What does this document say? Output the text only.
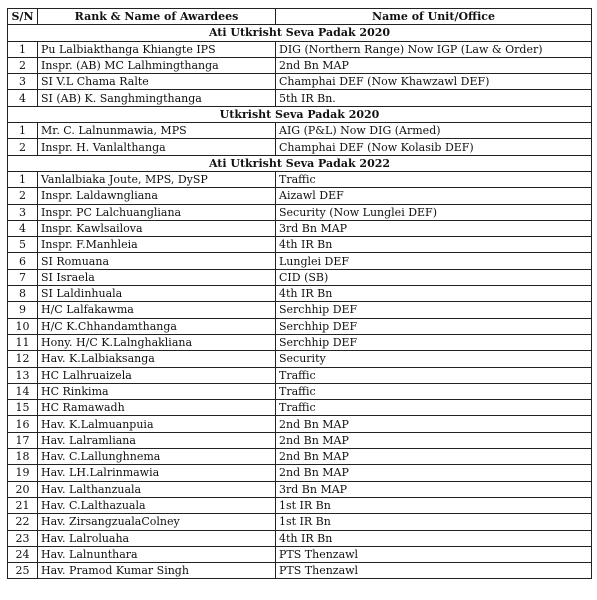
S/N	Rank & Name of Awardees	Name of Unit/Office
Ati Utkrisht Seva Padak 2020		
1	Pu Lalbiakthanga Khiangte IPS	DIG (Northern Range) Now IGP (Law & Order)
2	Inspr. (AB) MC Lalhmingthanga	2nd Bn MAP
3	SI V.L Chama Ralte	Champhai DEF (Now Khawzawl DEF)
4	SI (AB) K. Sanghmingthanga	5th IR Bn.
Utkrisht Seva Padak 2020		
1	Mr. C. Lalnunmawia, MPS	AIG (P&L) Now DIG (Armed)
2	Inspr. H. Vanlalthanga	Champhai DEF (Now Kolasib DEF)
Ati Utkrisht Seva Padak 2022		
1	Vanlalbiaka Joute, MPS, DySP	Traffic
2	Inspr. Laldawngliana	Aizawl DEF
3	Inspr. PC Lalchuangliana	Security (Now Lunglei DEF)
4	Inspr. Kawlsailova	3rd Bn MAP
5	Inspr. F.Manhleia	4th IR Bn
6	SI Romuana	Lunglei DEF
7	SI Israela	CID (SB)
8	SI Laldinhuala	4th IR Bn
9	H/C Lalfakawma	Serchhip DEF
10	H/C K.Chhandamthanga	Serchhip DEF
11	Hony. H/C K.Lalnghakliana	Serchhip DEF
12	Hav. K.Lalbiaksanga	Security
13	HC Lalhruaizela	Traffic
14	HC Rinkima	Traffic
15	HC Ramawadh	Traffic
16	Hav. K.Lalmuanpuia	2nd Bn MAP
17	Hav. Lalramliana	2nd Bn MAP
18	Hav. C.Lallunghnema	2nd Bn MAP
19	Hav. LH.Lalrinmawia	2nd Bn MAP
20	Hav. Lalthanzuala	3rd Bn MAP
21	Hav. C.Lalthazuala	1st IR Bn
22	Hav. ZirsangzualaColney	1st IR Bn
23	Hav. Lalroluaha	4th IR Bn
24	Hav. Lalnunthara	PTS Thenzawl
25	Hav. Pramod Kumar Singh	PTS Thenzawl
